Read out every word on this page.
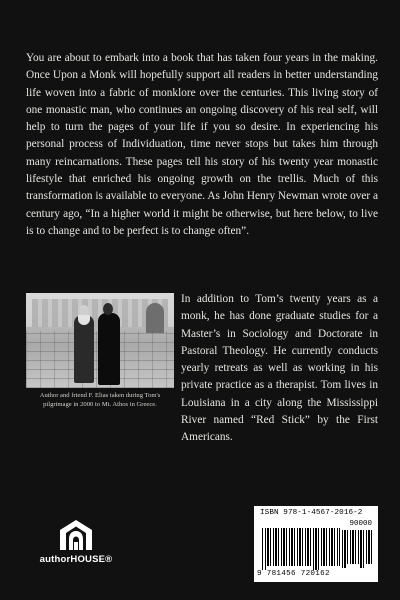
You are about to embark into a book that has taken four years in the making. Once Upon a Monk will hopefully support all readers in better understanding life woven into a fabric of monklore over the centuries. This living story of one monastic man, who continues an ongoing discovery of his real self, will help to turn the pages of your life if you so desire. In experiencing his personal process of Individuation, time never stops but takes him through many reincarnations. These pages tell his story of his twenty year monastic lifestyle that enriched his ongoing growth on the trellis. Much of this transformation is available to everyone. As John Henry Newman wrote over a century ago, “In a higher world it might be otherwise, but here below, to live is to change and to be perfect is to change often”.

Author and friend F. Elias taken during Tom's pilgrimage in 2000 to Mt. Athos in Greece.

In addition to Tom’s twenty years as a monk, he has done graduate studies for a Master’s in Sociology and Doctorate in Pastoral Theology. He currently conducts yearly retreats as well as working in his private practice as a therapist. Tom lives in Louisiana in a city along the Mississippi River named “Red Stick” by the First Americans.

authorHOUSE®
ISBN 978-1-4567-2016-2
90000
9 781456 720162
